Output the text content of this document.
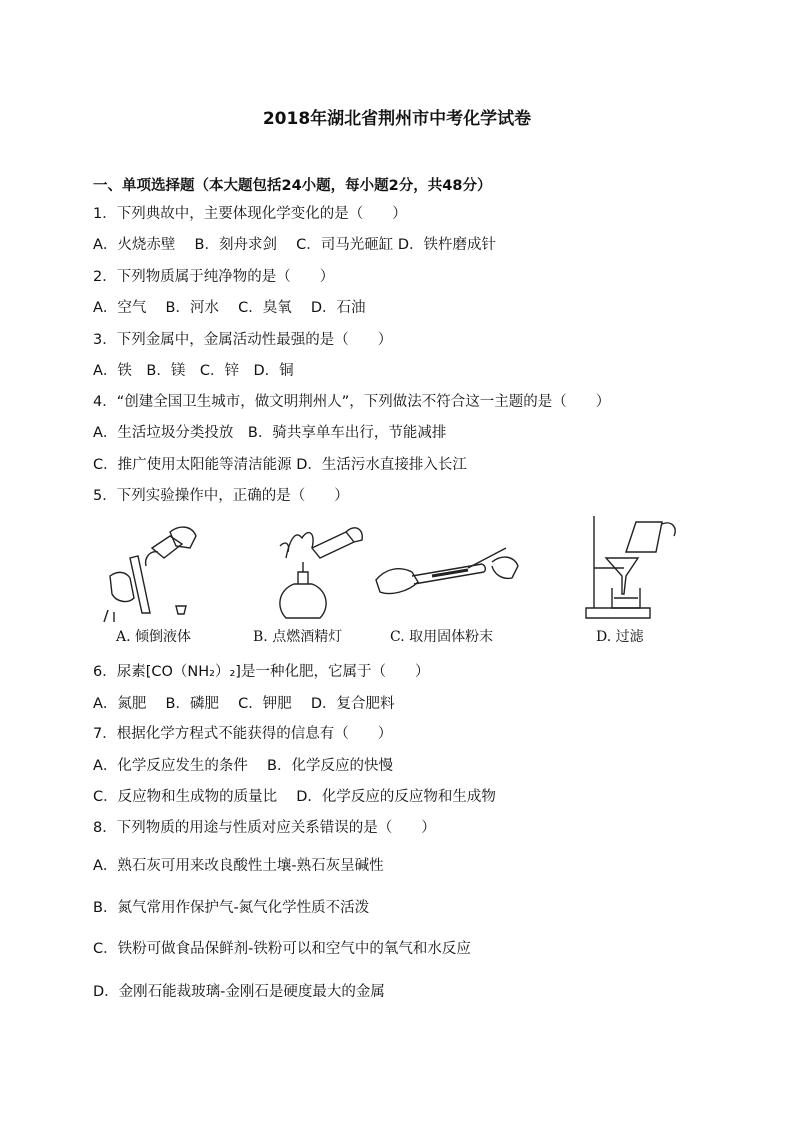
2018年湖北省荆州市中考化学试卷
一、单项选择题（本大题包括24小题，每小题2分，共48分）
1．下列典故中，主要体现化学变化的是（　　）
A．火烧赤壁　 B．刻舟求剑　 C．司马光砸缸 D．铁杵磨成针
2．下列物质属于纯净物的是（　　）
A．空气　 B．河水　 C．臭氧　 D．石油
3．下列金属中，金属活动性最强的是（　　）
A．铁　B．镁　C．锌　D．铜
4．“创建全国卫生城市，做文明荆州人”，下列做法不符合这一主题的是（　　）
A．生活垃圾分类投放　B．骑共享单车出行，节能减排
C．推广使用太阳能等清洁能源 D．生活污水直接排入长江
5．下列实验操作中，正确的是（　　）
A. 倾倒液体	B. 点燃酒精灯	C. 取用固体粉末	D. 过滤
6．尿素[CO（NH₂）₂]是一种化肥，它属于（　　）
A．氮肥　 B．磷肥　 C．钾肥　 D．复合肥料
7．根据化学方程式不能获得的信息有（　　）
A．化学反应发生的条件　 B．化学反应的快慢
C．反应物和生成物的质量比　 D．化学反应的反应物和生成物
8．下列物质的用途与性质对应关系错误的是（　　）
A．熟石灰可用来改良酸性土壤-熟石灰呈碱性
B．氮气常用作保护气-氮气化学性质不活泼
C．铁粉可做食品保鲜剂-铁粉可以和空气中的氧气和水反应
D．金刚石能裁玻璃-金刚石是硬度最大的金属
